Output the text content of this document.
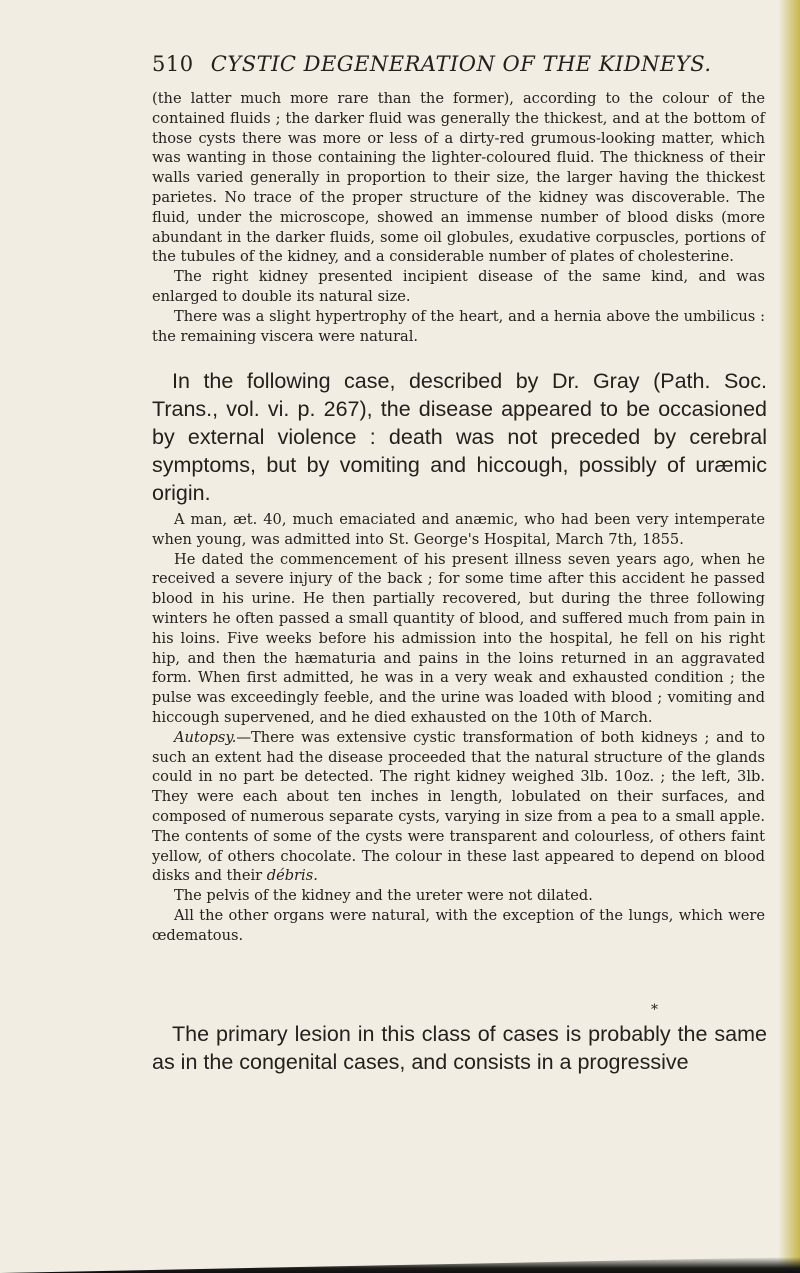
510 CYSTIC DEGENERATION OF THE KIDNEYS.

(the latter much more rare than the former), according to the colour of the contained fluids ; the darker fluid was generally the thickest, and at the bottom of those cysts there was more or less of a dirty-red grumous-looking matter, which was wanting in those containing the lighter-coloured fluid. The thickness of their walls varied generally in proportion to their size, the larger having the thickest parietes. No trace of the proper structure of the kidney was discoverable. The fluid, under the microscope, showed an immense number of blood disks (more abundant in the darker fluids, some oil globules, exudative corpuscles, portions of the tubules of the kidney, and a considerable number of plates of cholesterine.

The right kidney presented incipient disease of the same kind, and was enlarged to double its natural size.

There was a slight hypertrophy of the heart, and a hernia above the umbilicus : the remaining viscera were natural.

In the following case, described by Dr. Gray (Path. Soc. Trans., vol. vi. p. 267), the disease appeared to be occasioned by external violence : death was not preceded by cerebral symptoms, but by vomiting and hiccough, possibly of uræmic origin.

A man, æt. 40, much emaciated and anæmic, who had been very intemperate when young, was admitted into St. George's Hospital, March 7th, 1855.

He dated the commencement of his present illness seven years ago, when he received a severe injury of the back ; for some time after this accident he passed blood in his urine. He then partially recovered, but during the three following winters he often passed a small quantity of blood, and suffered much from pain in his loins. Five weeks before his admission into the hospital, he fell on his right hip, and then the hæmaturia and pains in the loins returned in an aggravated form. When first admitted, he was in a very weak and exhausted condition ; the pulse was exceedingly feeble, and the urine was loaded with blood ; vomiting and hiccough supervened, and he died exhausted on the 10th of March.

Autopsy.—There was extensive cystic transformation of both kidneys ; and to such an extent had the disease proceeded that the natural structure of the glands could in no part be detected. The right kidney weighed 3lb. 10oz. ; the left, 3lb. They were each about ten inches in length, lobulated on their surfaces, and composed of numerous separate cysts, varying in size from a pea to a small apple. The contents of some of the cysts were transparent and colourless, of others faint yellow, of others chocolate. The colour in these last appeared to depend on blood disks and their débris.

The pelvis of the kidney and the ureter were not dilated.

All the other organs were natural, with the exception of the lungs, which were œdematous.

*

The primary lesion in this class of cases is probably the same as in the congenital cases, and consists in a progressive
